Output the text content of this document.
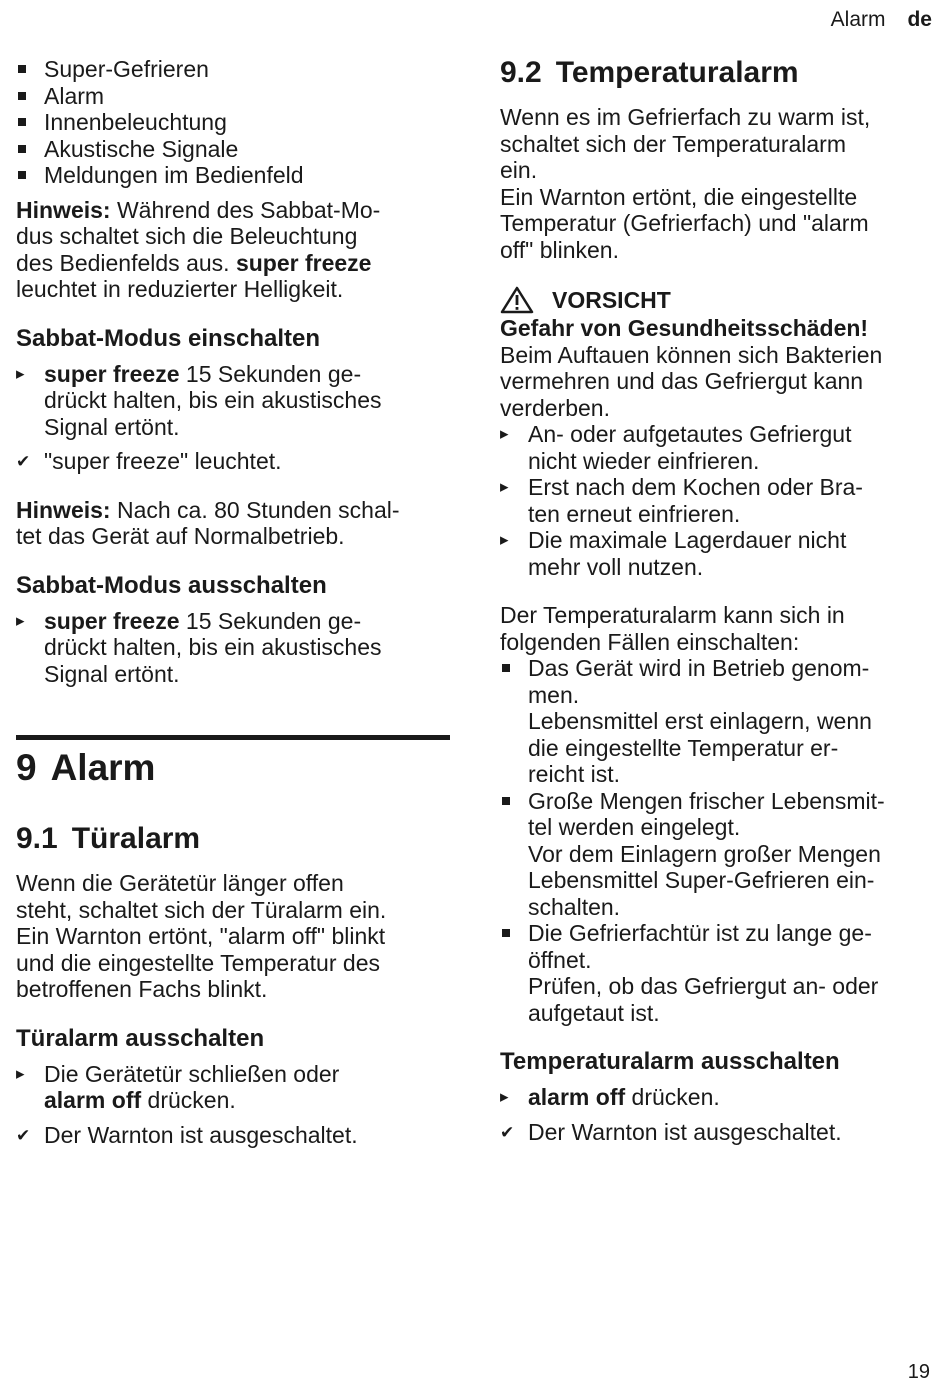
Alarm de
Super-Gefrieren
Alarm
Innenbeleuchtung
Akustische Signale
Meldungen im Bedienfeld

Hinweis: Während des Sabbat-Mo-
dus schaltet sich die Beleuchtung
des Bedienfelds aus. super freeze
leuchtet in reduzierter Helligkeit.

Sabbat-Modus einschalten
super freeze 15 Sekunden ge-
drückt halten, bis ein akustisches
Signal ertönt.
"super freeze" leuchtet.

Hinweis: Nach ca. 80 Stunden schal-
tet das Gerät auf Normalbetrieb.

Sabbat-Modus ausschalten
super freeze 15 Sekunden ge-
drückt halten, bis ein akustisches
Signal ertönt.
9 Alarm
9.1 Türalarm

Wenn die Gerätetür länger offen
steht, schaltet sich der Türalarm ein.
Ein Warnton ertönt, "alarm off" blinkt
und die eingestellte Temperatur des
betroffenen Fachs blinkt.

Türalarm ausschalten
Die Gerätetür schließen oder
alarm off drücken.
Der Warnton ist ausgeschaltet.
9.2 Temperaturalarm

Wenn es im Gefrierfach zu warm ist,
schaltet sich der Temperaturalarm
ein.
Ein Warnton ertönt, die eingestellte
Temperatur (Gefrierfach) und "alarm
off" blinken.

VORSICHT

Gefahr von Gesundheitsschäden!

Beim Auftauen können sich Bakterien
vermehren und das Gefriergut kann
verderben.

An- oder aufgetautes Gefriergut
nicht wieder einfrieren.
Erst nach dem Kochen oder Bra-
ten erneut einfrieren.
Die maximale Lagerdauer nicht
mehr voll nutzen.

Der Temperaturalarm kann sich in
folgenden Fällen einschalten:

Das Gerät wird in Betrieb genom-
men.
Lebensmittel erst einlagern, wenn
die eingestellte Temperatur er-
reicht ist.
Große Mengen frischer Lebensmit-
tel werden eingelegt.
Vor dem Einlagern großer Mengen
Lebensmittel Super-Gefrieren ein-
schalten.
Die Gefrierfachtür ist zu lange ge-
öffnet.
Prüfen, ob das Gefriergut an- oder
aufgetaut ist.
Temperaturalarm ausschalten
alarm off drücken.
Der Warnton ist ausgeschaltet.
19
